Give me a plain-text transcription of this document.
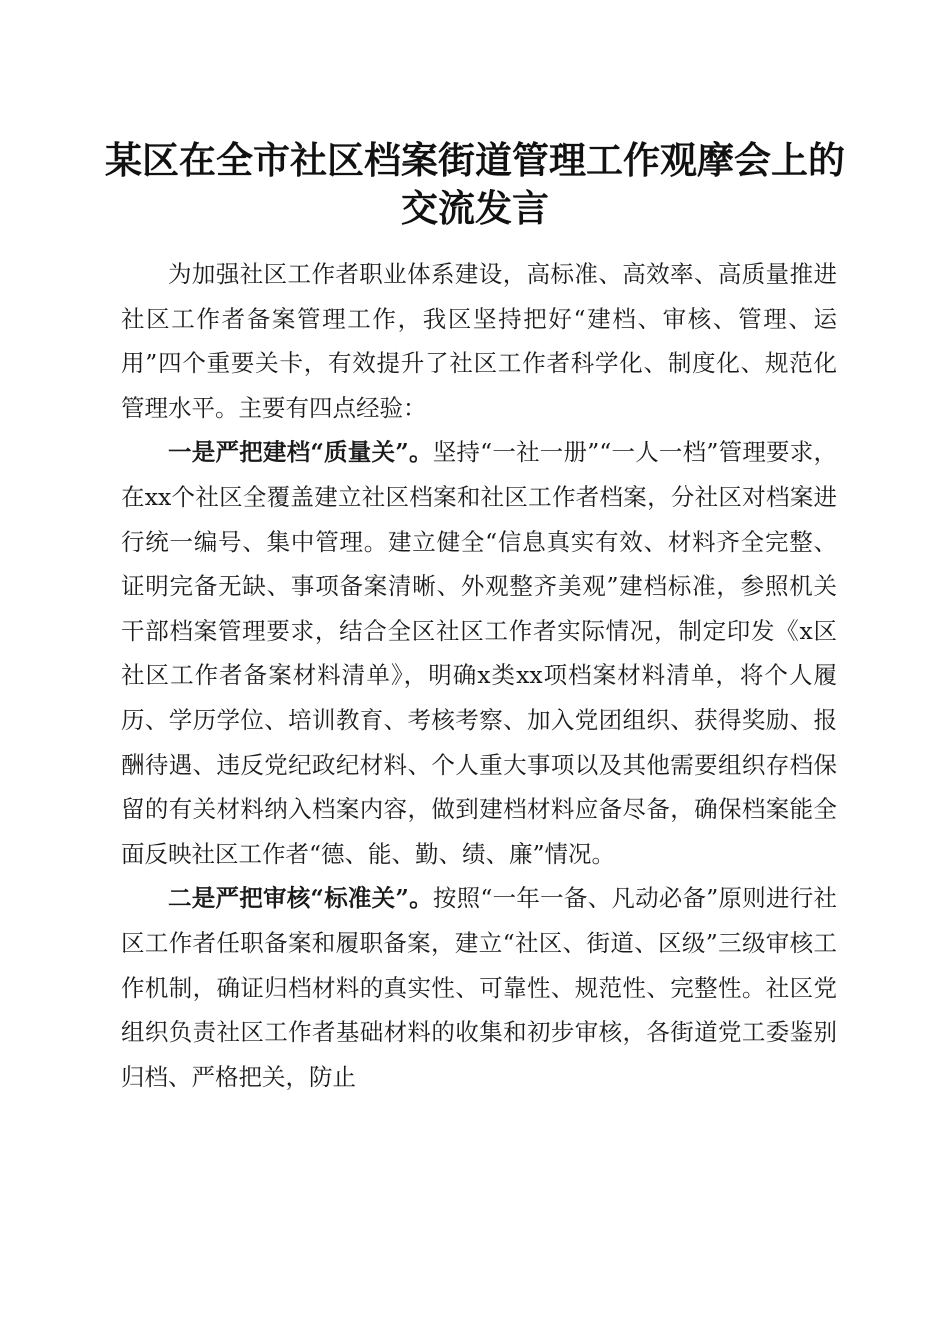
某区在全市社区档案街道管理工作观摩会上的
交流发言

为加强社区工作者职业体系建设，高标准、高效率、高质量推进社区工作者备案管理工作，我区坚持把好“建档、审核、管理、运用”四个重要关卡，有效提升了社区工作者科学化、制度化、规范化管理水平。主要有四点经验：

一是严把建档“质量关”。坚持“一社一册”“一人一档”管理要求，在xx个社区全覆盖建立社区档案和社区工作者档案，分社区对档案进行统一编号、集中管理。建立健全“信息真实有效、材料齐全完整、证明完备无缺、事项备案清晰、外观整齐美观”建档标准，参照机关干部档案管理要求，结合全区社区工作者实际情况，制定印发《x区社区工作者备案材料清单》，明确x类xx项档案材料清单，将个人履历、学历学位、培训教育、考核考察、加入党团组织、获得奖励、报酬待遇、违反党纪政纪材料、个人重大事项以及其他需要组织存档保留的有关材料纳入档案内容，做到建档材料应备尽备，确保档案能全面反映社区工作者“德、能、勤、绩、廉”情况。

二是严把审核“标准关”。按照“一年一备、凡动必备”原则进行社区工作者任职备案和履职备案，建立“社区、街道、区级”三级审核工作机制，确证归档材料的真实性、可靠性、规范性、完整性。社区党组织负责社区工作者基础材料的收集和初步审核，各街道党工委鉴别归档、严格把关，防止
